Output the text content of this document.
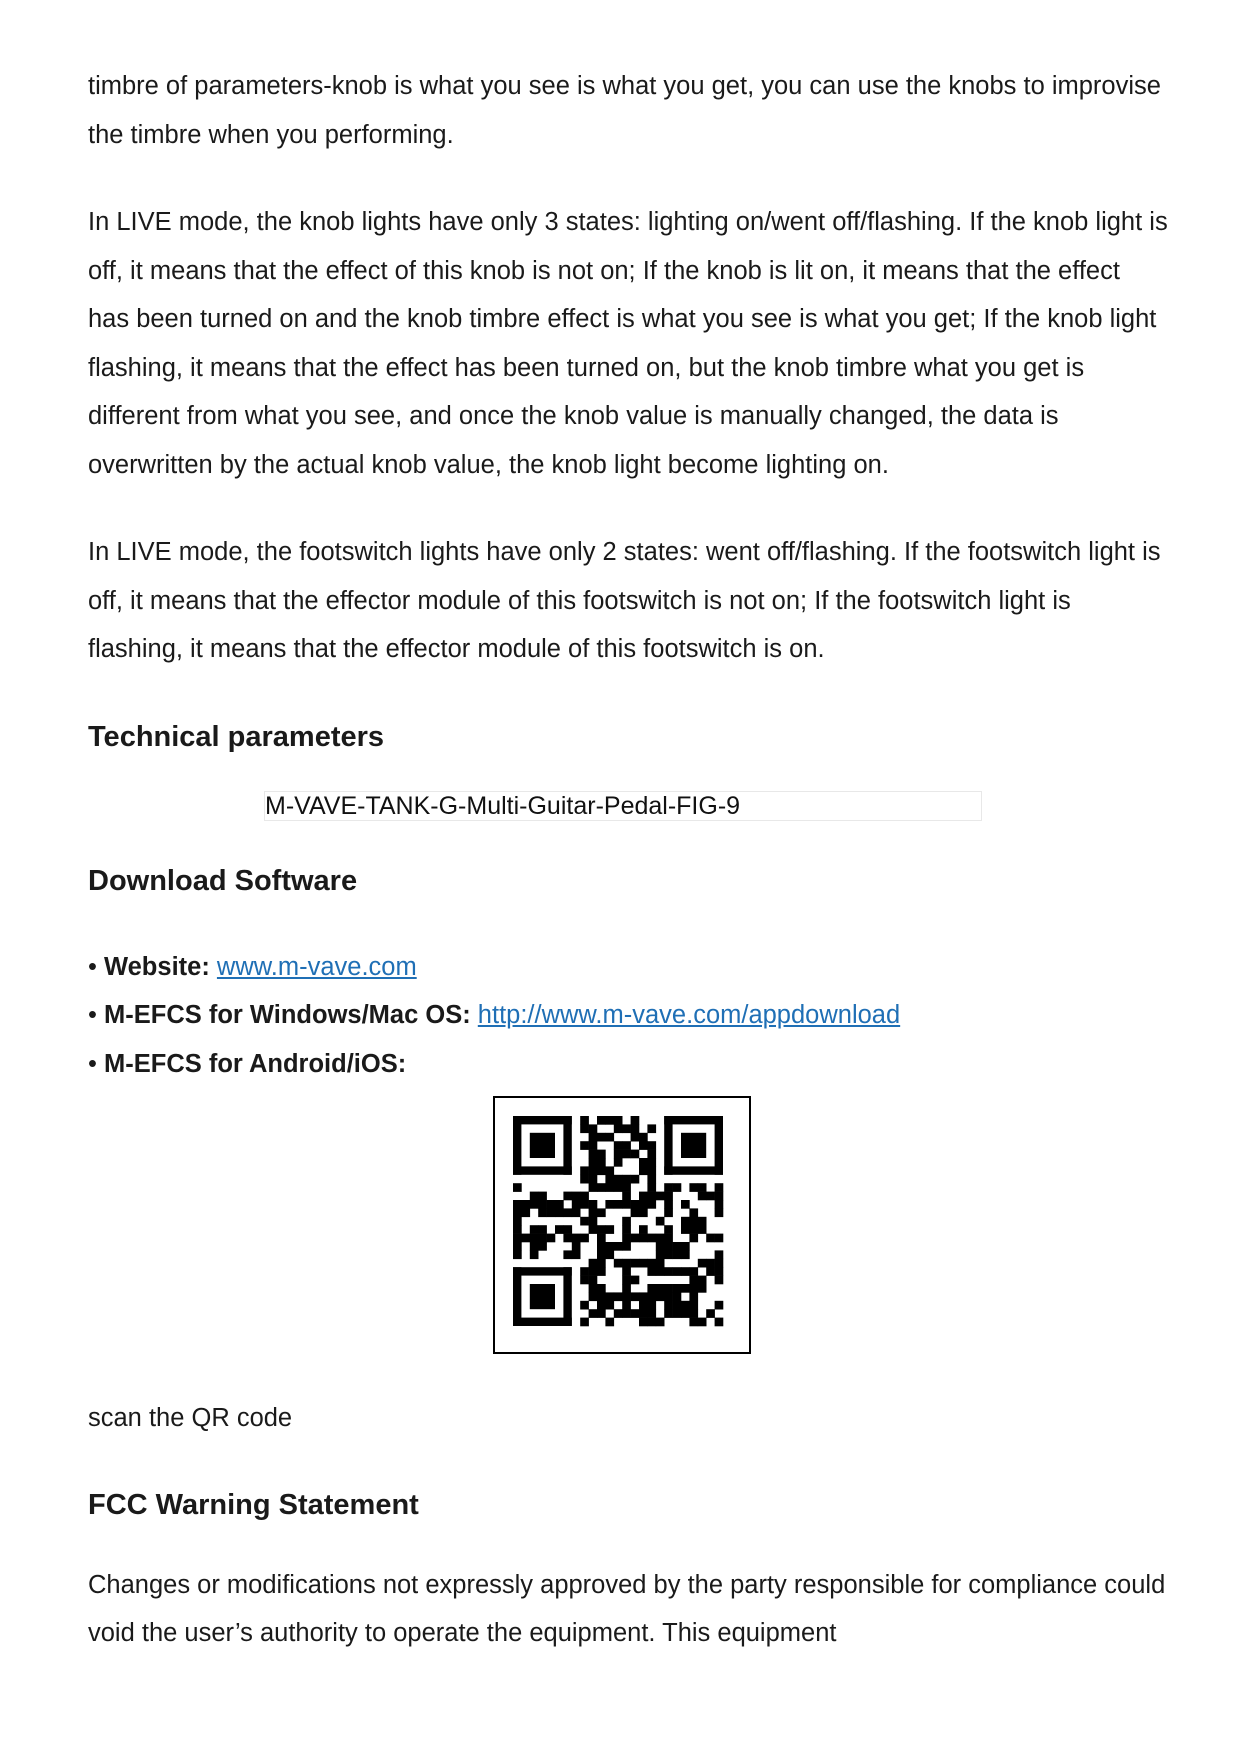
timbre of parameters-knob is what you see is what you get, you can use the knobs to improvise the timbre when you performing.

In LIVE mode, the knob lights have only 3 states: lighting on/went off/flashing. If the knob light is off, it means that the effect of this knob is not on; If the knob is lit on, it means that the effect has been turned on and the knob timbre effect is what you see is what you get; If the knob light flashing, it means that the effect has been turned on, but the knob timbre what you get is different from what you see, and once the knob value is manually changed, the data is overwritten by the actual knob value, the knob light become lighting on.

In LIVE mode, the footswitch lights have only 2 states: went off/flashing. If the footswitch light is off, it means that the effector module of this footswitch is not on; If the footswitch light is flashing, it means that the effector module of this footswitch is on.

Technical parameters
M-VAVE-TANK-G-Multi-Guitar-Pedal-FIG-9
Download Software
• Website: www.m-vave.com
• M-EFCS for Windows/Mac OS: http://www.m-vave.com/appdownload
• M-EFCS for Android/iOS:

scan the QR code

FCC Warning Statement

Changes or modifications not expressly approved by the party responsible for compliance could void the user’s authority to operate the equipment. This equipment
